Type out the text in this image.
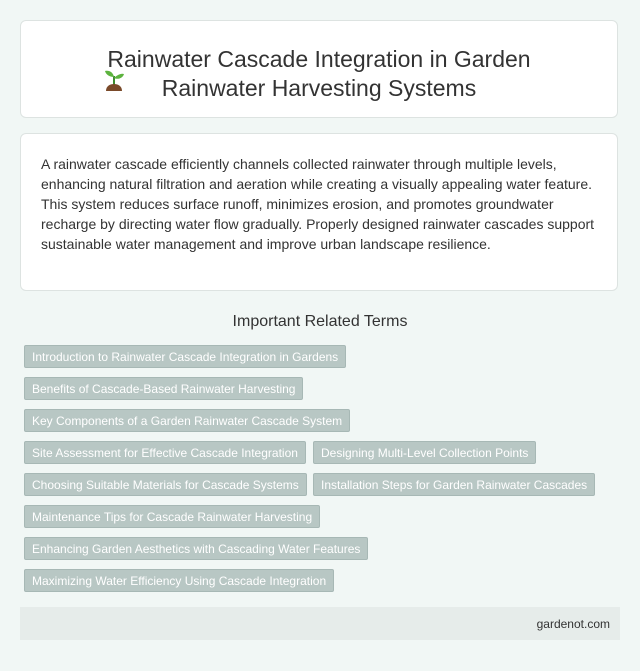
Rainwater Cascade Integration in Garden Rainwater Harvesting Systems

A rainwater cascade efficiently channels collected rainwater through multiple levels, enhancing natural filtration and aeration while creating a visually appealing water feature. This system reduces surface runoff, minimizes erosion, and promotes groundwater recharge by directing water flow gradually. Properly designed rainwater cascades support sustainable water management and improve urban landscape resilience.

Important Related Terms
Introduction to Rainwater Cascade Integration in Gardens
Benefits of Cascade-Based Rainwater Harvesting
Key Components of a Garden Rainwater Cascade System
Site Assessment for Effective Cascade Integration	Designing Multi-Level Collection Points
Choosing Suitable Materials for Cascade Systems	Installation Steps for Garden Rainwater Cascades
Maintenance Tips for Cascade Rainwater Harvesting
Enhancing Garden Aesthetics with Cascading Water Features
Maximizing Water Efficiency Using Cascade Integration
gardenot.com
